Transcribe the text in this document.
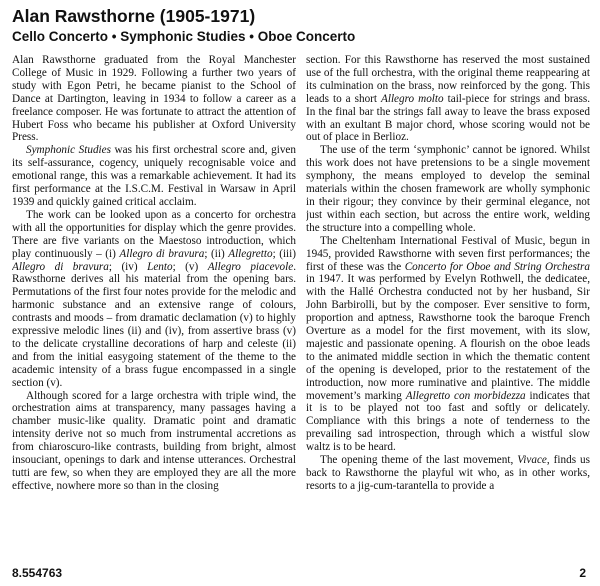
Alan Rawsthorne (1905-1971)
Cello Concerto • Symphonic Studies • Oboe Concerto

Alan Rawsthorne graduated from the Royal Manchester College of Music in 1929. Following a further two years of study with Egon Petri, he became pianist to the School of Dance at Dartington, leaving in 1934 to follow a career as a freelance composer. He was fortunate to attract the attention of Hubert Foss who became his publisher at Oxford University Press.

Symphonic Studies was his first orchestral score and, given its self-assurance, cogency, uniquely recognisable voice and emotional range, this was a remarkable achievement. It had its first performance at the I.S.C.M. Festival in Warsaw in April 1939 and quickly gained critical acclaim.

The work can be looked upon as a concerto for orchestra with all the opportunities for display which the genre provides. There are five variants on the Maestoso introduction, which play continuously – (i) Allegro di bravura; (ii) Allegretto; (iii) Allegro di bravura; (iv) Lento; (v) Allegro piacevole. Rawsthorne derives all his material from the opening bars. Permutations of the first four notes provide for the melodic and harmonic substance and an extensive range of colours, contrasts and moods – from dramatic declamation (v) to highly expressive melodic lines (ii) and (iv), from assertive brass (v) to the delicate crystalline decorations of harp and celeste (ii) and from the initial easygoing statement of the theme to the academic intensity of a brass fugue encompassed in a single section (v).

Although scored for a large orchestra with triple wind, the orchestration aims at transparency, many passages having a chamber music-like quality. Dramatic point and dramatic intensity derive not so much from instrumental accretions as from chiaroscuro-like contrasts, building from bright, almost insouciant, openings to dark and intense utterances. Orchestral tutti are few, so when they are employed they are all the more effective, nowhere more so than in the closing

section. For this Rawsthorne has reserved the most sustained use of the full orchestra, with the original theme reappearing at its culmination on the brass, now reinforced by the gong. This leads to a short Allegro molto tail-piece for strings and brass. In the final bar the strings fall away to leave the brass exposed with an exultant B major chord, whose scoring would not be out of place in Berlioz.

The use of the term ‘symphonic’ cannot be ignored. Whilst this work does not have pretensions to be a single movement symphony, the means employed to develop the seminal materials within the chosen framework are wholly symphonic in their rigour; they convince by their germinal elegance, not just within each section, but across the entire work, welding the structure into a compelling whole.

The Cheltenham International Festival of Music, begun in 1945, provided Rawsthorne with seven first performances; the first of these was the Concerto for Oboe and String Orchestra in 1947. It was performed by Evelyn Rothwell, the dedicatee, with the Hallé Orchestra conducted not by her husband, Sir John Barbirolli, but by the composer. Ever sensitive to form, proportion and aptness, Rawsthorne took the baroque French Overture as a model for the first movement, with its slow, majestic and passionate opening. A flourish on the oboe leads to the animated middle section in which the thematic content of the opening is developed, prior to the restatement of the introduction, now more ruminative and plaintive. The middle movement’s marking Allegretto con morbidezza indicates that it is to be played not too fast and softly or delicately. Compliance with this brings a note of tenderness to the prevailing sad introspection, through which a wistful slow waltz is to be heard.

The opening theme of the last movement, Vivace, finds us back to Rawsthorne the playful wit who, as in other works, resorts to a jig-cum-tarantella to provide a

8.554763	2
